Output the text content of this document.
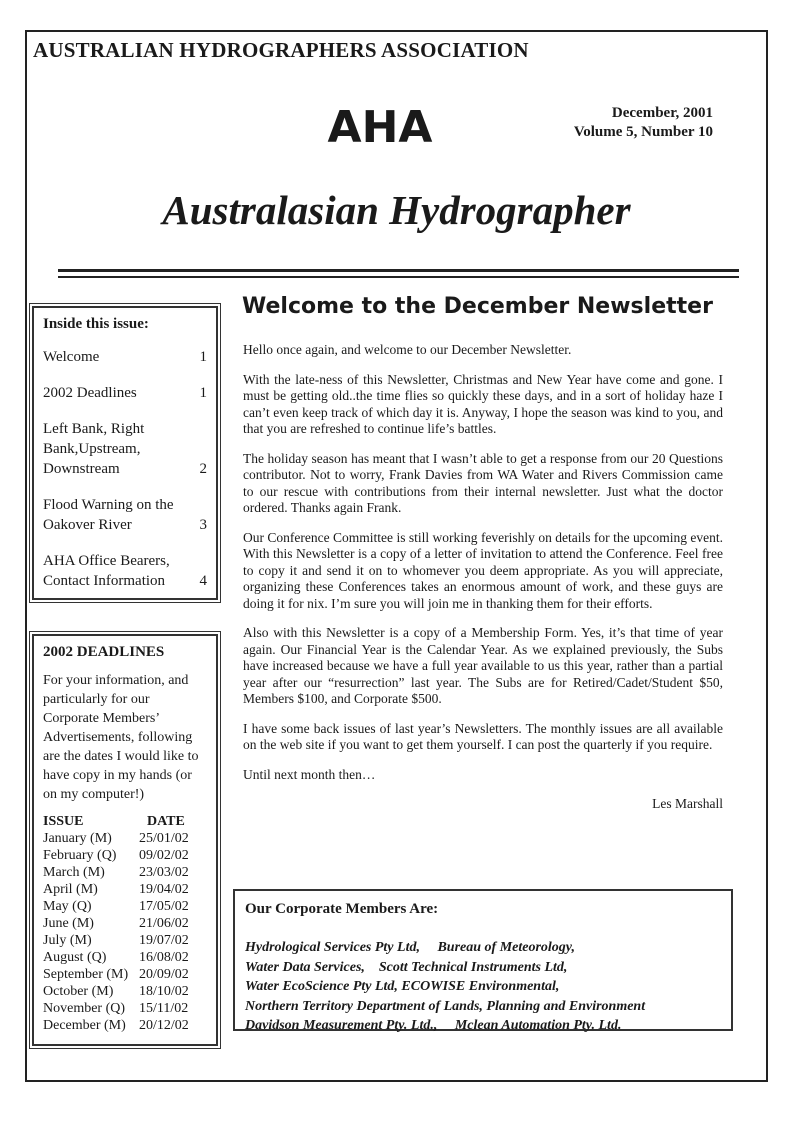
AUSTRALIAN HYDROGRAPHERS ASSOCIATION
AHA	December, 2001
Volume 5, Number 10
Australasian Hydrographer
Inside this issue:
Welcome	1
2002 Deadlines	1
Left Bank, Right
Bank,Upstream,
Downstream	2
Flood Warning on the
Oakover River	3
AHA Office Bearers,
Contact Information	4
2002 DEADLINES
For your information, and particularly for our Corporate Members’ Advertisements, following are the dates I would like to have copy in my hands (or on my computer!)
ISSUE	DATE
January (M)	25/01/02
February (Q)	09/02/02
March (M)	23/03/02
April (M)	19/04/02
May (Q)	17/05/02
June (M)	21/06/02
July (M)	19/07/02
August (Q)	16/08/02
September (M) 20/09/02
October (M)	18/10/02
November (Q) 15/11/02
December (M) 20/12/02
Welcome to the December Newsletter

Hello once again, and welcome to our December Newsletter.

With the late-ness of this Newsletter, Christmas and New Year have come and gone. I must be getting old..the time flies so quickly these days, and in a sort of holiday haze I can’t even keep track of which day it is. Anyway, I hope the season was kind to you, and that you are refreshed to continue life’s battles.

The holiday season has meant that I wasn’t able to get a response from our 20 Questions contributor. Not to worry, Frank Davies from WA Water and Rivers Commission came to our rescue with contributions from their internal newsletter. Just what the doctor ordered. Thanks again Frank.

Our Conference Committee is still working feverishly on details for the upcoming event. With this Newsletter is a copy of a letter of invitation to attend the Conference. Feel free to copy it and send it on to whomever you deem appropriate. As you will appreciate, organizing these Conferences takes an enormous amount of work, and these guys are doing it for nix. I’m sure you will join me in thanking them for their efforts.

Also with this Newsletter is a copy of a Membership Form. Yes, it’s that time of year again. Our Financial Year is the Calendar Year. As we explained previously, the Subs have increased because we have a full year available to us this year, rather than a partial year after our “resurrection” last year. The Subs are for Retired/Cadet/Student $50, Members $100, and Corporate $500.

I have some back issues of last year’s Newsletters. The monthly issues are all available on the web site if you want to get them yourself. I can post the quarterly if you require.

Until next month then…

Les Marshall

Our Corporate Members Are:
Hydrological Services Pty Ltd,     Bureau of Meteorology,
Water Data Services,    Scott Technical Instruments Ltd,
Water EcoScience Pty Ltd, ECOWISE Environmental,
Northern Territory Department of Lands, Planning and Environment
Davidson Measurement Pty. Ltd.,     Mclean Automation Pty. Ltd.
